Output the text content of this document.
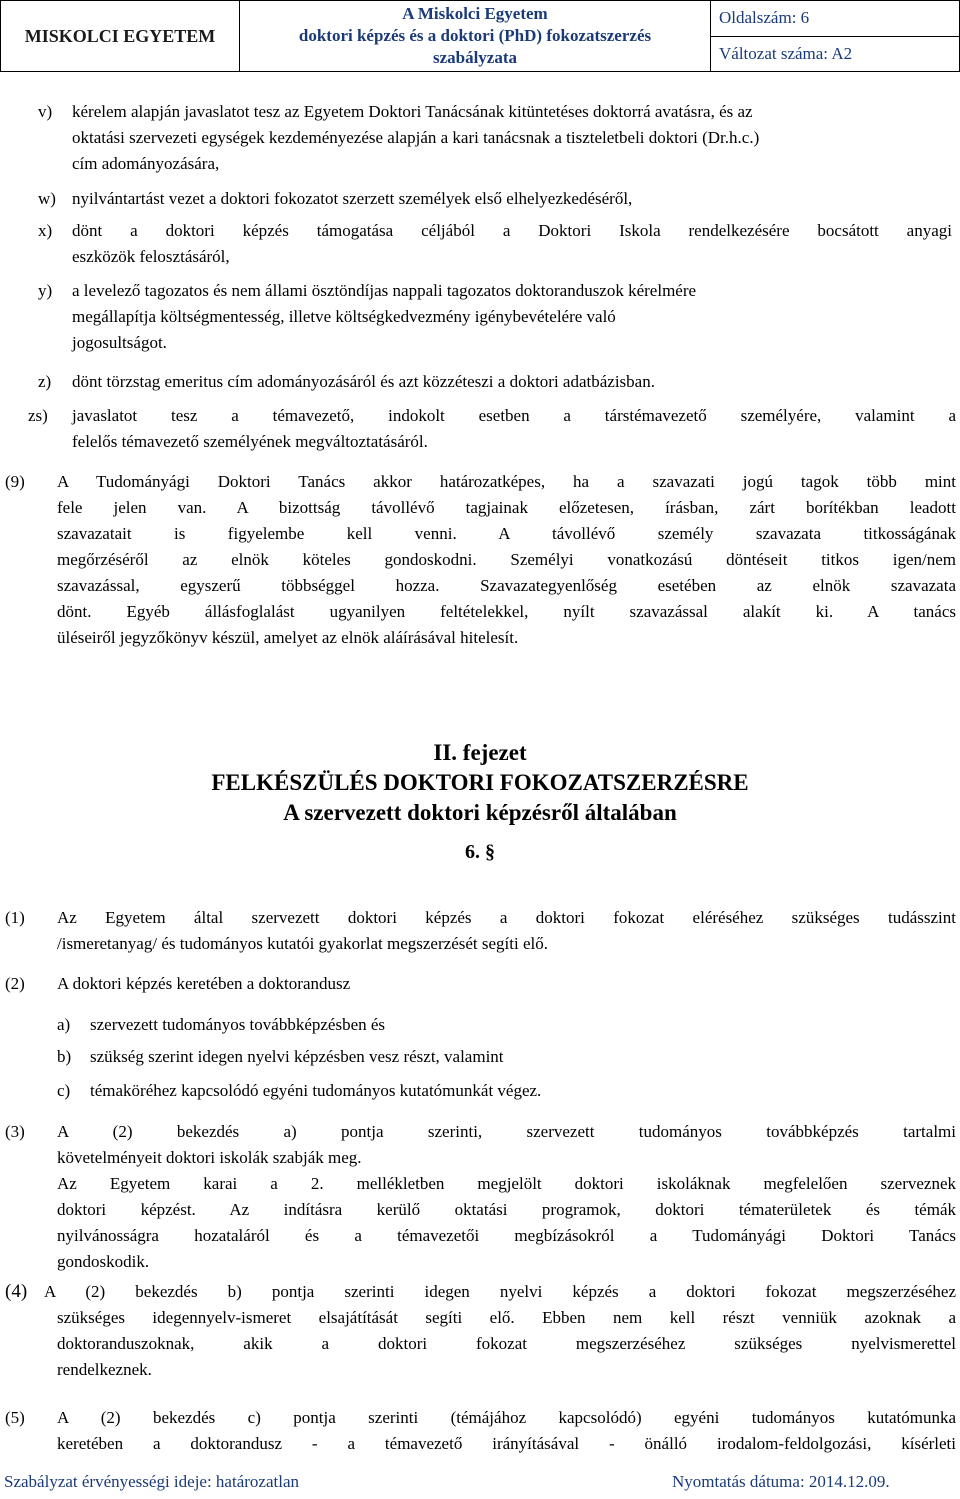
MISKOLCI EGYETEM	
A Miskolci Egyetem
doktori képzés és a doktori (PhD) fokozatszerzés
szabályzata
	Oldalszám: 6
Változat száma: A2
v) kérelem alapján javaslatot tesz az Egyetem Doktori Tanácsának kitüntetéses doktorrá avatásra, és az
oktatási szervezeti egységek kezdeményezése alapján a kari tanácsnak a tiszteletbeli doktori (Dr.h.c.)
cím adományozására,
w) nyilvántartást vezet a doktori fokozatot szerzett személyek első elhelyezkedéséről,
x) dönt a doktori képzés támogatása céljából a Doktori Iskola rendelkezésére bocsátott anyagi
eszközök felosztásáról,
y) a levelező tagozatos és nem állami ösztöndíjas nappali tagozatos doktoranduszok kérelmére
megállapítja költségmentesség, illetve költségkedvezmény igénybevételére való
jogosultságot.
z) dönt törzstag emeritus cím adományozásáról és azt közzéteszi a doktori adatbázisban.
zs) javaslatot tesz a témavezető, indokolt esetben a társtémavezető személyére, valamint a
felelős témavezető személyének megváltoztatásáról.
(9) A Tudományági Doktori Tanács akkor határozatképes, ha a szavazati jogú tagok több mint
fele jelen van. A bizottság távollévő tagjainak előzetesen, írásban, zárt borítékban leadott
szavazatait is figyelembe kell venni. A távollévő személy szavazata titkosságának
megőrzéséről az elnök köteles gondoskodni. Személyi vonatkozású döntéseit titkos igen/nem
szavazással, egyszerű többséggel hozza. Szavazategyenlőség esetében az elnök szavazata
dönt. Egyéb állásfoglalást ugyanilyen feltételekkel, nyílt szavazással alakít ki. A tanács
üléseiről jegyzőkönyv készül, amelyet az elnök aláírásával hitelesít.
II. fejezet
FELKÉSZÜLÉS DOKTORI FOKOZATSZERZÉSRE
A szervezett doktori képzésről általában
6. §
(1) Az Egyetem által szervezett doktori képzés a doktori fokozat eléréséhez szükséges tudásszint
/ismeretanyag/ és tudományos kutatói gyakorlat megszerzését segíti elő.
(2) A doktori képzés keretében a doktorandusz
a) szervezett tudományos továbbképzésben és
b) szükség szerint idegen nyelvi képzésben vesz részt, valamint
c) témaköréhez kapcsolódó egyéni tudományos kutatómunkát végez.
(3) A (2) bekezdés a) pontja szerinti, szervezett tudományos továbbképzés tartalmi
követelményeit doktori iskolák szabják meg.
Az Egyetem karai a 2. mellékletben megjelölt doktori iskoláknak megfelelően szerveznek
doktori képzést. Az indításra kerülő oktatási programok, doktori tématerületek és témák
nyilvánosságra hozataláról és a témavezetői megbízásokról a Tudományági Doktori Tanács
gondoskodik.
(4) A (2) bekezdés b) pontja szerinti idegen nyelvi képzés a doktori fokozat megszerzéséhez
szükséges idegennyelv-ismeret elsajátítását segíti elő. Ebben nem kell részt venniük azoknak a
doktoranduszoknak, akik a doktori fokozat megszerzéséhez szükséges nyelvismerettel
rendelkeznek.
(5) A (2) bekezdés c) pontja szerinti (témájához kapcsolódó) egyéni tudományos kutatómunka
keretében a doktorandusz - a témavezető irányításával - önálló irodalom-feldolgozási, kísérleti
Szabályzat érvényességi ideje: határozatlan	Nyomtatás dátuma: 2014.12.09.
